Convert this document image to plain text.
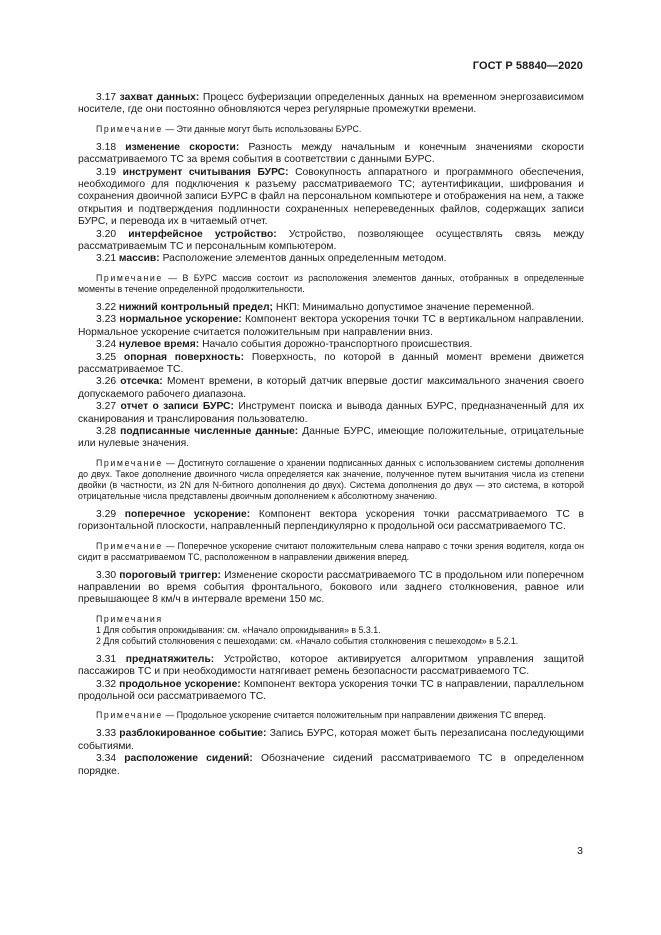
ГОСТ Р 58840—2020

3.17 захват данных: Процесс буферизации определенных данных на временном энергозависимом носителе, где они постоянно обновляются через регулярные промежутки времени.

Примечание — Эти данные могут быть использованы БУРС.

3.18 изменение скорости: Разность между начальным и конечным значениями скорости рассматриваемого ТС за время события в соответствии с данными БУРС.

3.19 инструмент считывания БУРС: Совокупность аппаратного и программного обеспечения, необходимого для подключения к разъему рассматриваемого ТС; аутентификации, шифрования и сохранения двоичной записи БУРС в файл на персональном компьютере и отображения на нем, а также открытия и подтверждения подлинности сохраненных непереведенных файлов, содержащих записи БУРС, и перевода их в читаемый отчет.

3.20 интерфейсное устройство: Устройство, позволяющее осуществлять связь между рассматриваемым ТС и персональным компьютером.

3.21 массив: Расположение элементов данных определенным методом.

Примечание — В БУРС массив состоит из расположения элементов данных, отобранных в определенные моменты в течение определенной продолжительности.

3.22 нижний контрольный предел; НКП: Минимально допустимое значение переменной.

3.23 нормальное ускорение: Компонент вектора ускорения точки ТС в вертикальном направлении. Нормальное ускорение считается положительным при направлении вниз.

3.24 нулевое время: Начало события дорожно-транспортного происшествия.

3.25 опорная поверхность: Поверхность, по которой в данный момент времени движется рассматриваемое ТС.

3.26 отсечка: Момент времени, в который датчик впервые достиг максимального значения своего допускаемого рабочего диапазона.

3.27 отчет о записи БУРС: Инструмент поиска и вывода данных БУРС, предназначенный для их сканирования и транслирования пользователю.

3.28 подписанные численные данные: Данные БУРС, имеющие положительные, отрицательные или нулевые значения.

Примечание — Достигнуто соглашение о хранении подписанных данных с использованием системы дополнения до двух. Такое дополнение двоичного числа определяется как значение, полученное путем вычитания числа из степени двойки (в частности, из 2N для N-битного дополнения до двух). Система дополнения до двух — это система, в которой отрицательные числа представлены двоичным дополнением к абсолютному значению.

3.29 поперечное ускорение: Компонент вектора ускорения точки рассматриваемого ТС в горизонтальной плоскости, направленный перпендикулярно к продольной оси рассматриваемого ТС.

Примечание — Поперечное ускорение считают положительным слева направо с точки зрения водителя, когда он сидит в рассматриваемом ТС, расположенном в направлении движения вперед.

3.30 пороговый триггер: Изменение скорости рассматриваемого ТС в продольном или поперечном направлении во время события фронтального, бокового или заднего столкновения, равное или превышающее 8 км/ч в интервале времени 150 мс.

Примечания

1 Для события опрокидывания: см. «Начало опрокидывания» в 5.3.1.

2 Для событий столкновения с пешеходами: см. «Начало события столкновения с пешеходом» в 5.2.1.

3.31 преднатяжитель: Устройство, которое активируется алгоритмом управления защитой пассажиров ТС и при необходимости натягивает ремень безопасности рассматриваемого ТС.

3.32 продольное ускорение: Компонент вектора ускорения точки ТС в направлении, параллельном продольной оси рассматриваемого ТС.

Примечание — Продольное ускорение считается положительным при направлении движения ТС вперед.

3.33 разблокированное событие: Запись БУРС, которая может быть перезаписана последующими событиями.

3.34 расположение сидений: Обозначение сидений рассматриваемого ТС в определенном порядке.

3
